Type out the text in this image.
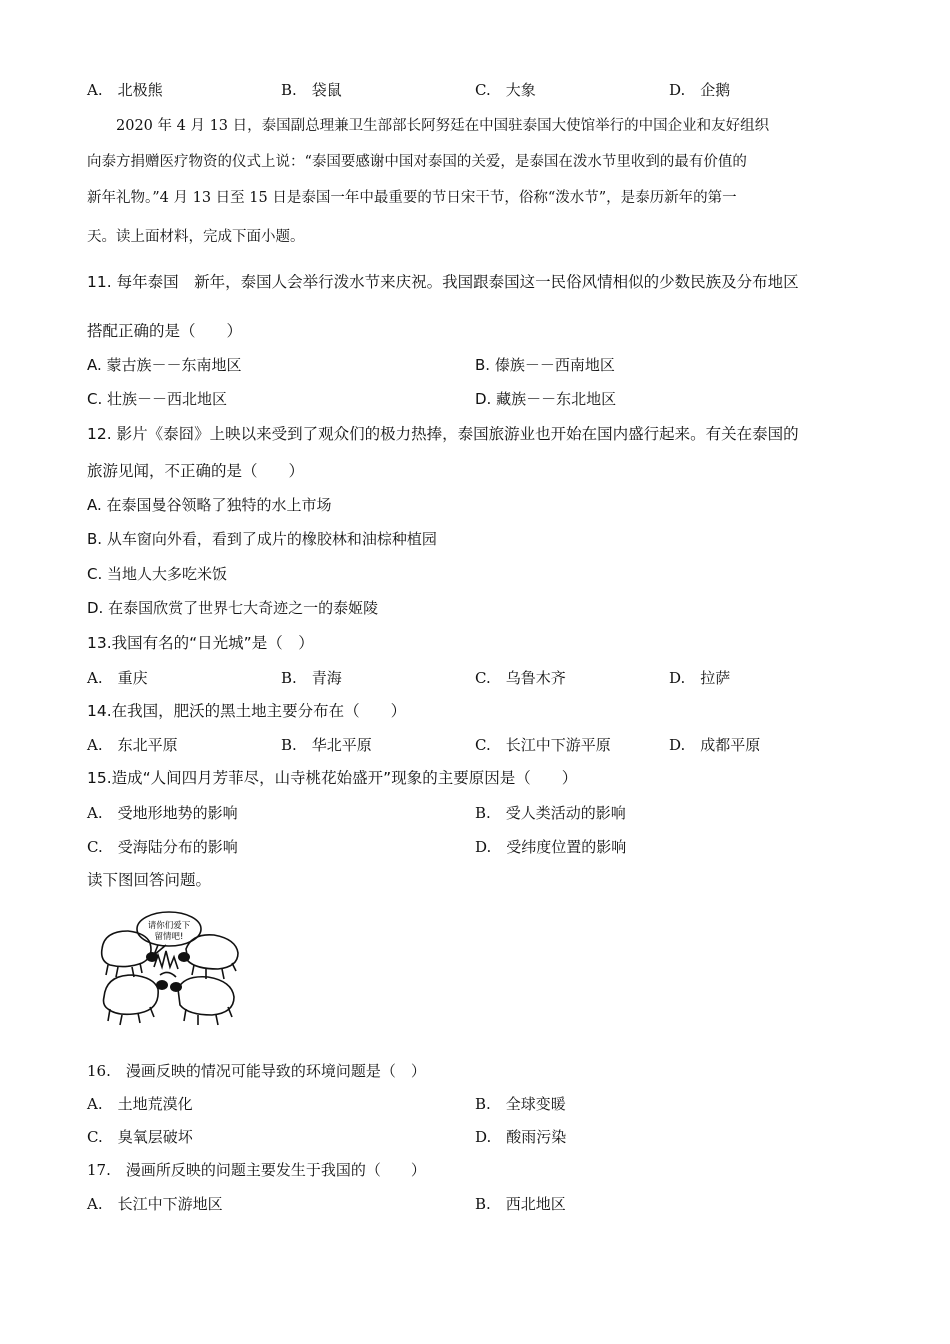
A.　北极熊	B.　袋鼠	C.　大象	D.　企鹅
　　2020 年 4 月 13 日，泰国副总理兼卫生部部长阿努廷在中国驻泰国大使馆举行的中国企业和友好组织
向泰方捐赠医疗物资的仪式上说：“泰国要感谢中国对泰国的关爱，是泰国在泼水节里收到的最有价值的
新年礼物。”4 月 13 日至 15 日是泰国一年中最重要的节日宋干节，俗称“泼水节”，是泰历新年的第一
天。读上面材料，完成下面小题。
11. 每年泰国　新年，泰国人会举行泼水节来庆祝。我国跟泰国这一民俗风情相似的少数民族及分布地区
搭配正确的是（　　）
A. 蒙古族－－东南地区	B. 傣族－－西南地区
C. 壮族－－西北地区	D. 藏族－－东北地区
12. 影片《泰囧》上映以来受到了观众们的极力热捧，泰国旅游业也开始在国内盛行起来。有关在泰国的
旅游见闻，不正确的是（　　）
A. 在泰国曼谷领略了独特的水上市场
B. 从车窗向外看，看到了成片的橡胶林和油棕种植园
C. 当地人大多吃米饭
D. 在泰国欣赏了世界七大奇迹之一的泰姬陵
13.我国有名的“日光城”是（　）
A.　重庆	B.　青海	C.　乌鲁木齐	D.　拉萨
14.在我国，肥沃的黑土地主要分布在（　　）
A.　东北平原	B.　华北平原	C.　长江中下游平原	D.　成都平原
15.造成“人间四月芳菲尽，山寺桃花始盛开”现象的主要原因是（　　）
A.　受地形地势的影响	B.　受人类活动的影响
C.　受海陆分布的影响	D.　受纬度位置的影响
读下图回答问题。
请你们爱下
留情吧!
16.　漫画反映的情况可能导致的环境问题是（　）
A.　土地荒漠化	B.　全球变暖
C.　臭氧层破坏	D.　酸雨污染
17.　漫画所反映的问题主要发生于我国的（　　）
A.　长江中下游地区	B.　西北地区
